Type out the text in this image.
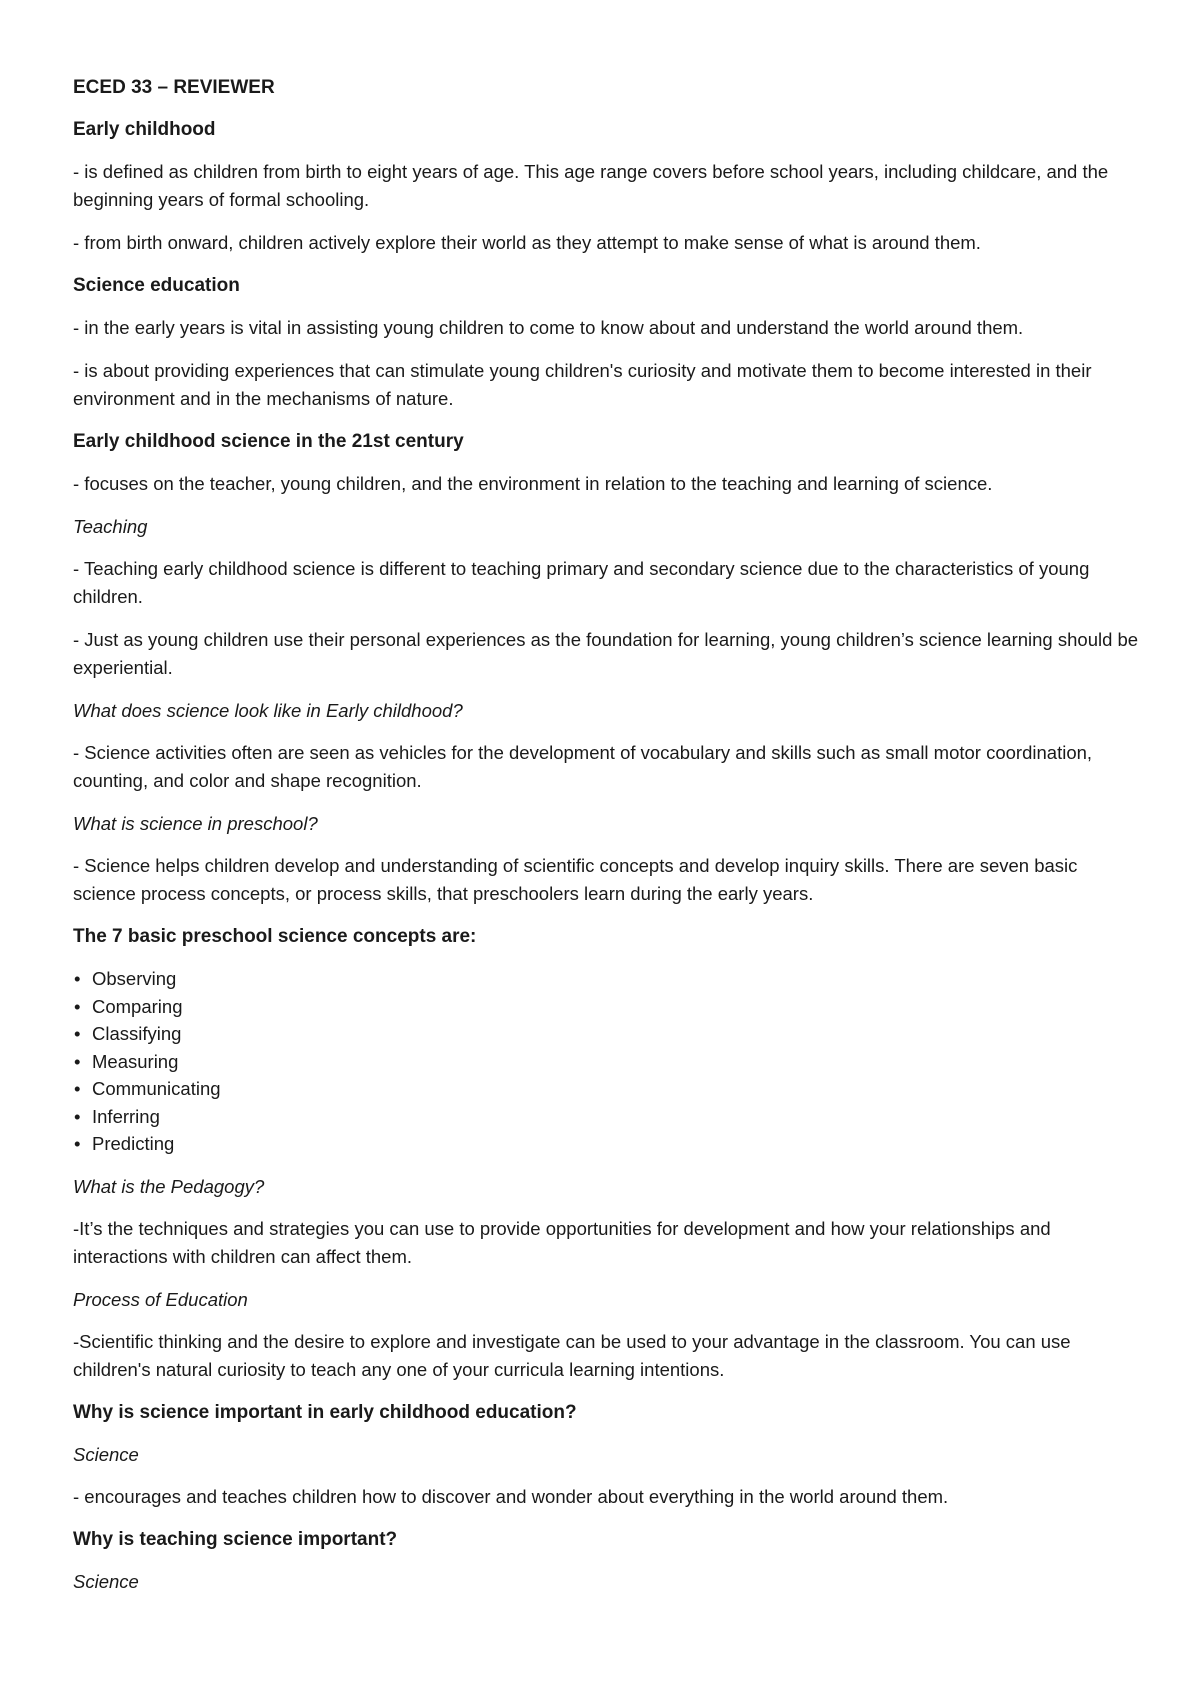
ECED 33 – REVIEWER
Early childhood
- is defined as children from birth to eight years of age. This age range covers before school years, including childcare, and the beginning years of formal schooling.
- from birth onward, children actively explore their world as they attempt to make sense of what is around them.
Science education
- in the early years is vital in assisting young children to come to know about and understand the world around them.
- is about providing experiences that can stimulate young children's curiosity and motivate them to become interested in their environment and in the mechanisms of nature.
Early childhood science in the 21st century
- focuses on the teacher, young children, and the environment in relation to the teaching and learning of science.
Teaching
- Teaching early childhood science is different to teaching primary and secondary science due to the characteristics of young children.
- Just as young children use their personal experiences as the foundation for learning, young children’s science learning should be experiential.
What does science look like in Early childhood?
- Science activities often are seen as vehicles for the development of vocabulary and skills such as small motor coordination, counting, and color and shape recognition.
What is science in preschool?
- Science helps children develop and understanding of scientific concepts and develop inquiry skills. There are seven basic science process concepts, or process skills, that preschoolers learn during the early years.
The 7 basic preschool science concepts are:
• Observing
• Comparing
• Classifying
• Measuring
• Communicating
• Inferring
• Predicting
What is the Pedagogy?
-It’s the techniques and strategies you can use to provide opportunities for development and how your relationships and interactions with children can affect them.
Process of Education
-Scientific thinking and the desire to explore and investigate can be used to your advantage in the classroom. You can use children's natural curiosity to teach any one of your curricula learning intentions.
Why is science important in early childhood education?
Science
- encourages and teaches children how to discover and wonder about everything in the world around them.
Why is teaching science important?
Science
